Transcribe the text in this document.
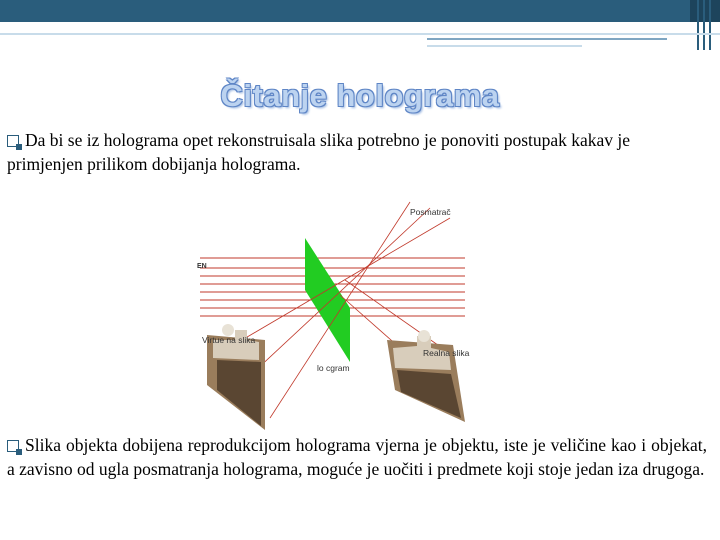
Čitanje holograma
Da bi se iz holograma opet rekonstruisala slika potrebno je ponoviti postupak kakav je primjenjen prilikom dobijanja holograma.
Posmatrač
EN
Virtue na slika
lo cgram
Realna slika
Slika objekta dobijena reprodukcijom holograma vjerna je objektu, iste je veličine kao i objekat, a zavisno od ugla posmatranja holograma, moguće je uočiti i predmete koji stoje jedan iza drugoga.
